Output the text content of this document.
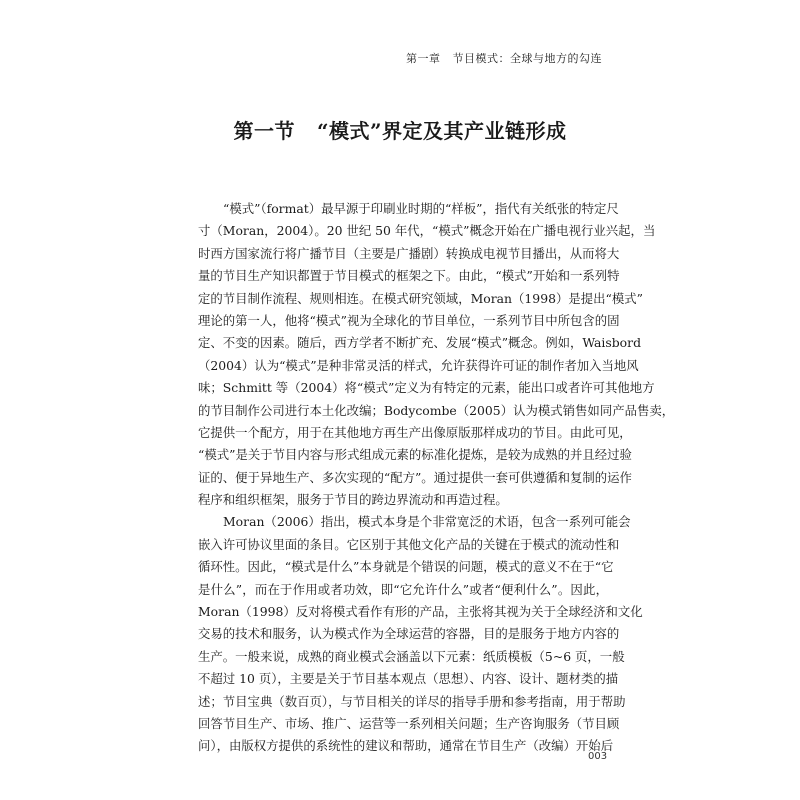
第一章 节目模式：全球与地方的勾连
第一节 “模式”界定及其产业链形成
“模式”（format）最早源于印刷业时期的“样板”，指代有关纸张的特定尺
寸（Moran，2004）。20 世纪 50 年代，“模式”概念开始在广播电视行业兴起，当
时西方国家流行将广播节目（主要是广播剧）转换成电视节目播出，从而将大
量的节目生产知识都置于节目模式的框架之下。由此，“模式”开始和一系列特
定的节目制作流程、规则相连。在模式研究领域，Moran（1998）是提出“模式”
理论的第一人，他将“模式”视为全球化的节目单位，一系列节目中所包含的固
定、不变的因素。随后，西方学者不断扩充、发展“模式”概念。例如，Waisbord
（2004）认为“模式”是种非常灵活的样式，允许获得许可证的制作者加入当地风
味；Schmitt 等（2004）将“模式”定义为有特定的元素，能出口或者许可其他地方
的节目制作公司进行本土化改编；Bodycombe（2005）认为模式销售如同产品售卖，
它提供一个配方，用于在其他地方再生产出像原版那样成功的节目。由此可见，
“模式”是关于节目内容与形式组成元素的标准化提炼，是较为成熟的并且经过验
证的、便于异地生产、多次实现的“配方”。通过提供一套可供遵循和复制的运作
程序和组织框架，服务于节目的跨边界流动和再造过程。
Moran（2006）指出，模式本身是个非常宽泛的术语，包含一系列可能会
嵌入许可协议里面的条目。它区别于其他文化产品的关键在于模式的流动性和
循环性。因此，“模式是什么”本身就是个错误的问题，模式的意义不在于“它
是什么”，而在于作用或者功效，即“它允许什么”或者“便利什么”。因此，
Moran（1998）反对将模式看作有形的产品，主张将其视为关于全球经济和文化
交易的技术和服务，认为模式作为全球运营的容器，目的是服务于地方内容的
生产。一般来说，成熟的商业模式会涵盖以下元素：纸质模板（5~6 页，一般
不超过 10 页），主要是关于节目基本观点（思想）、内容、设计、题材类的描
述；节目宝典（数百页），与节目相关的详尽的指导手册和参考指南，用于帮助
回答节目生产、市场、推广、运营等一系列相关问题；生产咨询服务（节目顾
问），由版权方提供的系统性的建议和帮助，通常在节目生产（改编）开始后
003
